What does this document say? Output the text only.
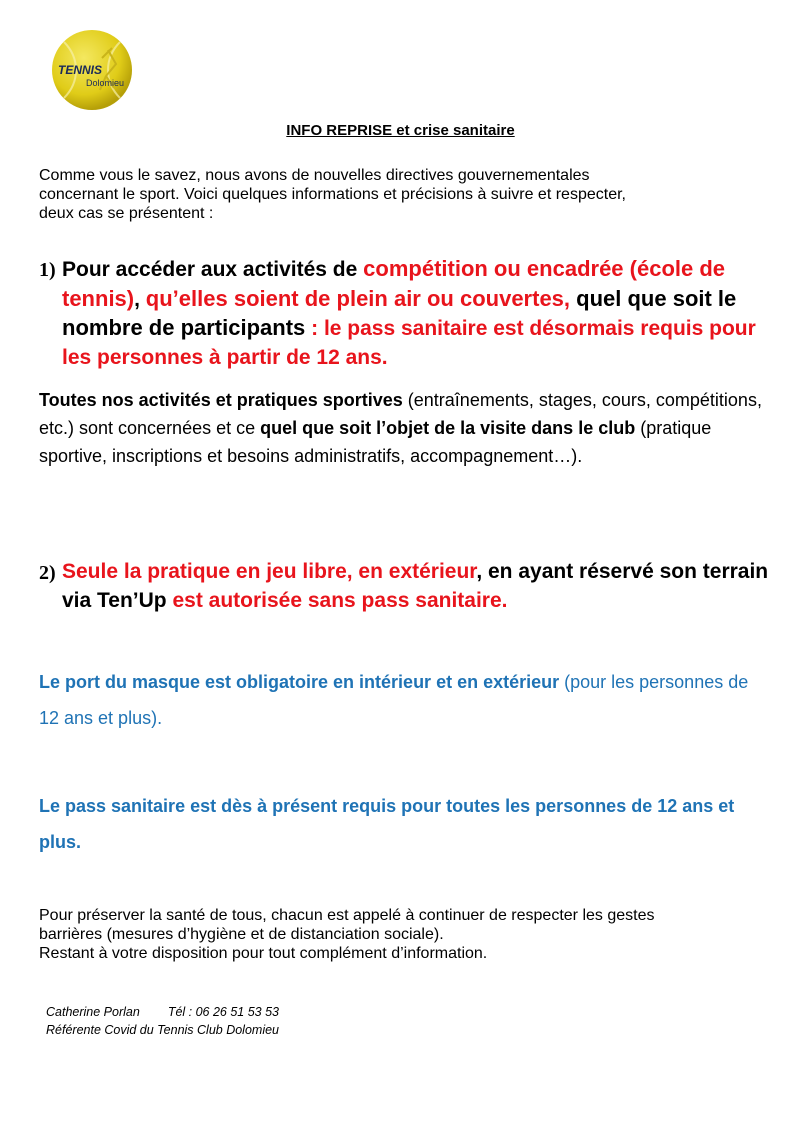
TENNIS
Dolomieu
INFO REPRISE et crise sanitaire
Comme vous le savez, nous avons de nouvelles directives gouvernementales
concernant le sport. Voici quelques informations et précisions à suivre et respecter,
deux cas se présentent :
1) Pour accéder aux activités de compétition ou encadrée (école de tennis), qu’elles soient de plein air ou couvertes, quel que soit le nombre de participants : le pass sanitaire est désormais requis pour les personnes à partir de 12 ans.
Toutes nos activités et pratiques sportives (entraînements, stages, cours, compétitions, etc.) sont concernées et ce quel que soit l’objet de la visite dans le club (pratique sportive, inscriptions et besoins administratifs, accompagnement…).
2) Seule la pratique en jeu libre, en extérieur, en ayant réservé son terrain via Ten’Up est autorisée sans pass sanitaire.
Le port du masque est obligatoire en intérieur et en extérieur (pour les personnes de 12 ans et plus).
Le pass sanitaire est dès à présent requis pour toutes les personnes de 12 ans et plus.
Pour préserver la santé de tous, chacun est appelé à continuer de respecter les gestes
barrières (mesures d’hygiène et de distanciation sociale).
Restant à votre disposition pour tout complément d’information.
Catherine Porlan Tél : 06 26 51 53 53
Référente Covid du Tennis Club Dolomieu
